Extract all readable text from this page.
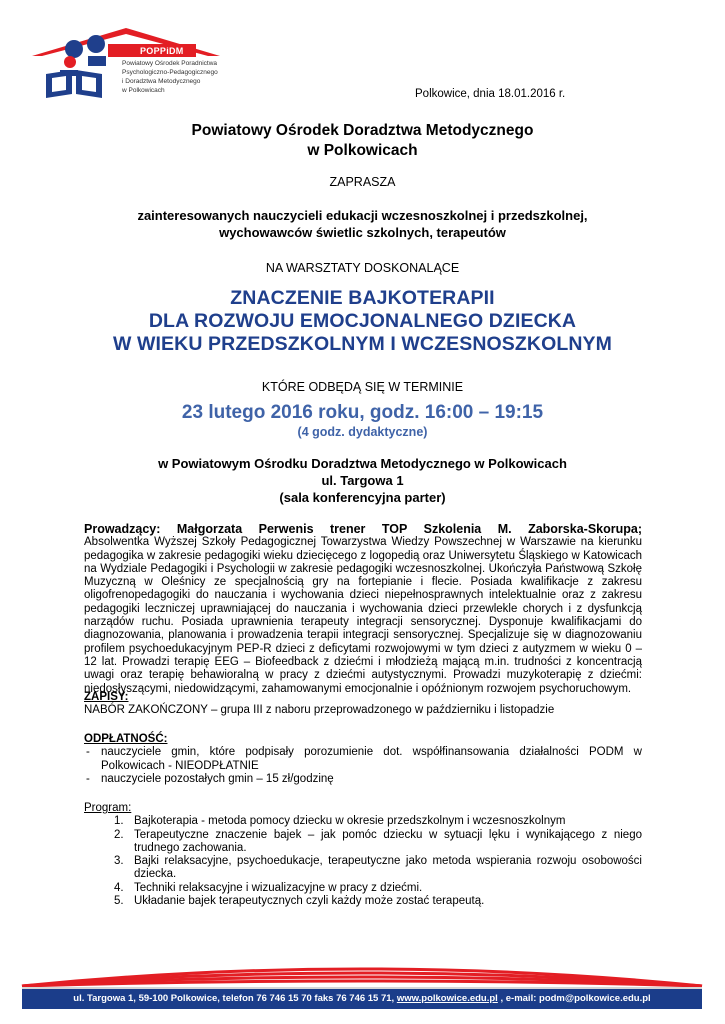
POPPiDM
Powiatowy Ośrodek Poradnictwa
Psychologiczno-Pedagogicznego
i Doradztwa Metodycznego
w Polkowicach	Polkowice, dnia 18.01.2016 r.
Powiatowy Ośrodek Doradztwa Metodycznego
w Polkowicach
ZAPRASZA
zainteresowanych nauczycieli edukacji wczesnoszkolnej i przedszkolnej,
wychowawców świetlic szkolnych, terapeutów
NA WARSZTATY DOSKONALĄCE
ZNACZENIE BAJKOTERAPII
DLA ROZWOJU EMOCJONALNEGO DZIECKA
W WIEKU PRZEDSZKOLNYM I WCZESNOSZKOLNYM
KTÓRE ODBĘDĄ SIĘ W TERMINIE
23 lutego 2016 roku, godz. 16:00 – 19:15
(4 godz. dydaktyczne)
w Powiatowym Ośrodku Doradztwa Metodycznego w Polkowicach
ul. Targowa 1
(sala konferencyjna parter)
Prowadzący: Małgorzata Perwenis trener TOP Szkolenia M. Zaborska-Skorupa;
Absolwentka Wyższej Szkoły Pedagogicznej Towarzystwa Wiedzy Powszechnej w Warszawie na kierunku pedagogika w zakresie pedagogiki wieku dziecięcego z logopedią oraz Uniwersytetu Śląskiego w Katowicach na Wydziale Pedagogiki i Psychologii w zakresie pedagogiki wczesnoszkolnej. Ukończyła Państwową Szkołę Muzyczną w Oleśnicy ze specjalnością gry na fortepianie i flecie. Posiada kwalifikacje z zakresu oligofrenopedagogiki do nauczania i wychowania dzieci niepełnosprawnych intelektualnie oraz z zakresu pedagogiki leczniczej uprawniającej do nauczania i wychowania dzieci przewlekle chorych i z dysfunkcją narządów ruchu. Posiada uprawnienia terapeuty integracji sensorycznej. Dysponuje kwalifikacjami do diagnozowania, planowania i prowadzenia terapii integracji sensorycznej. Specjalizuje się w diagnozowaniu profilem psychoedukacyjnym PEP-R dzieci z deficytami rozwojowymi w tym dzieci z autyzmem w wieku 0 – 12 lat. Prowadzi terapię EEG – Biofeedback z dziećmi i młodzieżą mającą m.in. trudności z koncentracją uwagi oraz terapię behawioralną w pracy z dziećmi autystycznymi. Prowadzi muzykoterapię z dziećmi: niedosłyszącymi, niedowidzącymi, zahamowanymi emocjonalnie i opóźnionym rozwojem psychoruchowym.
ZAPISY:
NABÓR ZAKOŃCZONY – grupa III z naboru przeprowadzonego w październiku i listopadzie
ODPŁATNOŚĆ:
- nauczyciele gmin, które podpisały porozumienie dot. współfinansowania działalności PODM w Polkowicach - NIEODPŁATNIE
- nauczyciele pozostałych gmin – 15 zł/godzinę
Program:
1. Bajkoterapia - metoda pomocy dziecku w okresie przedszkolnym i wczesnoszkolnym
2. Terapeutyczne znaczenie bajek – jak pomóc dziecku w sytuacji lęku i wynikającego z niego trudnego zachowania.
3. Bajki relaksacyjne, psychoedukacje, terapeutyczne jako metoda wspierania rozwoju osobowości dziecka.
4. Techniki relaksacyjne i wizualizacyjne w pracy z dziećmi.
5. Układanie bajek terapeutycznych czyli każdy może zostać terapeutą.
ul. Targowa 1, 59-100 Polkowice, telefon 76 746 15 70 faks 76 746 15 71, www.polkowice.edu.pl , e-mail: podm@polkowice.edu.pl
